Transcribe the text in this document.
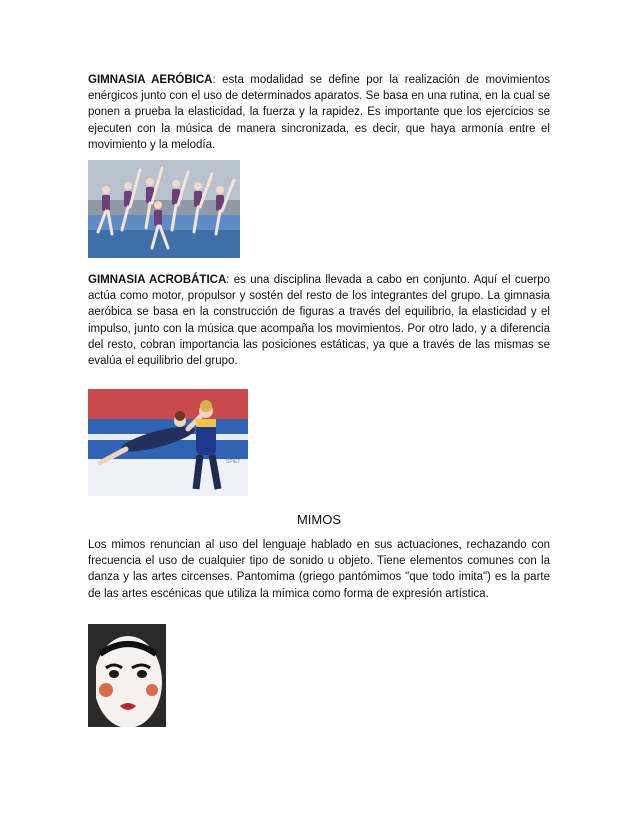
GIMNASIA AERÓBICA: esta modalidad se define por la realización de movimientos enérgicos junto con el uso de determinados aparatos. Se basa en una rutina, en la cual se ponen a prueba la elasticidad, la fuerza y la rapidez. Es importante que los ejercicios se ejecuten con la música de manera sincronizada, es decir, que haya armonía entre el movimiento y la melodía.

GIMNASIA ACROBÁTICA: es una disciplina llevada a cabo en conjunto. Aquí el cuerpo actúa como motor, propulsor y sostén del resto de los integrantes del grupo. La gimnasia aeróbica se basa en la construcción de figuras a través del equilibrio, la elasticidad y el impulso, junto con la música que acompaña los movimientos. Por otro lado, y a diferencia del resto, cobran importancia las posiciones estáticas, ya que a través de las mismas se evalúa el equilibrio del grupo.

SPIET
MIMOS

Los mimos renuncian al uso del lenguaje hablado en sus actuaciones, rechazando con frecuencia el uso de cualquier tipo de sonido u objeto. Tiene elementos comunes con la danza y las artes circenses. Pantomima (griego pantómimos "que todo imita") es la parte de las artes escénicas que utiliza la mímica como forma de expresión artística.
